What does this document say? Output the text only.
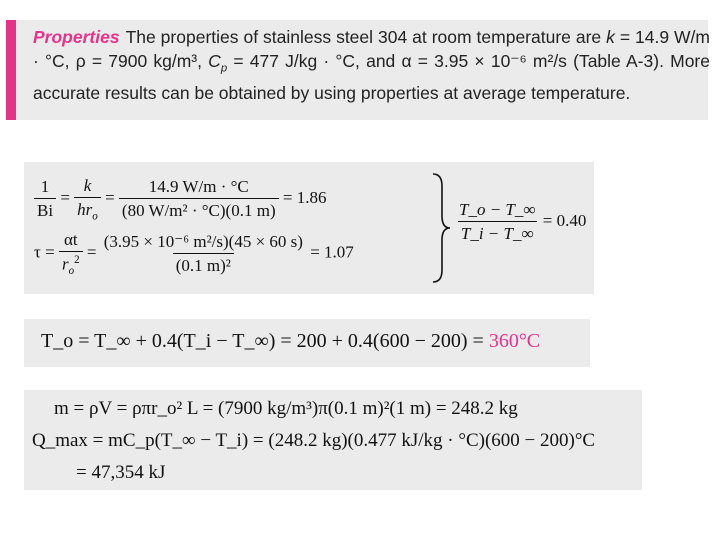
Properties The properties of stainless steel 304 at room temperature are k = 14.9 W/m · °C, ρ = 7900 kg/m³, $C_p = 477$ J/kg · °C, and α = 3.95 × 10⁻⁶ m²/s (Table A-3). More accurate results can be obtained by using properties at average temperature.
$\frac{1}{Bi} = \frac{k}{hr_o} = \frac{14.9 W/m \cdot ^\circ C}{\text{(80 W/m² · °C)(0.1 m)}} = 1.86$
$\tau = \frac{\alpha t}{r_o^2} = \frac{\text{(3.95 × 10⁻⁶ m²/s)(45 × 60 s)}}{\text{(0.1 m)²}} = 1.07$
$\frac{T\_o - T\_\infty}{T\_i - T\_\infty} = 0.40$
T_o = T_∞ + 0.4(T_i − T_∞) = 200 + 0.4(600 − 200) = 360°C
m = ρV = ρπr_o² L = (7900 kg/m³)π(0.1 m)²(1 m) = 248.2 kg
Q_max = mC_p(T_∞ − T_i) = (248.2 kg)(0.477 kJ/kg · °C)(600 − 200)°C
= 47,354 kJ
